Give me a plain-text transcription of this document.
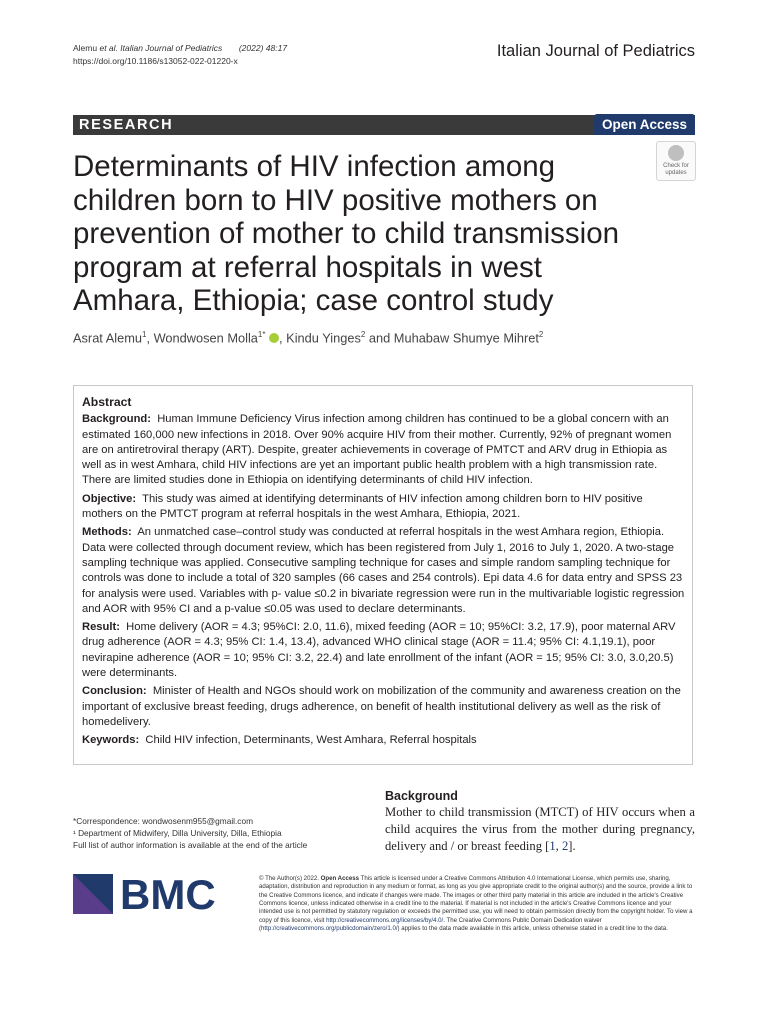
Alemu et al. Italian Journal of Pediatrics (2022) 48:17
https://doi.org/10.1186/s13052-022-01220-x
Italian Journal of Pediatrics
RESEARCH	Open Access
Check for updates
Determinants of HIV infection among children born to HIV positive mothers on prevention of mother to child transmission program at referral hospitals in west Amhara, Ethiopia; case control study
Asrat Alemu$^1$, Wondwosen Molla$^{1*}$ , Kindu Yinges$^2$ and Muhabaw Shumye Mihret$^2$
Abstract

Background: Human Immune Deficiency Virus infection among children has continued to be a global concern with an estimated 160,000 new infections in 2018. Over 90% acquire HIV from their mother. Currently, 92% of pregnant women are on antiretroviral therapy (ART). Despite, greater achievements in coverage of PMTCT and ARV drug in Ethiopia as well as in west Amhara, child HIV infections are yet an important public health problem with a high transmission rate. There are limited studies done in Ethiopia on identifying determinants of child HIV infection.

Objective: This study was aimed at identifying determinants of HIV infection among children born to HIV positive mothers on the PMTCT program at referral hospitals in the west Amhara, Ethiopia, 2021.

Methods: An unmatched case–control study was conducted at referral hospitals in the west Amhara region, Ethiopia. Data were collected through document review, which has been registered from July 1, 2016 to July 1, 2020. A two-stage sampling technique was applied. Consecutive sampling technique for cases and simple random sampling technique for controls was done to include a total of 320 samples (66 cases and 254 controls). Epi data 4.6 for data entry and SPSS 23 for analysis were used. Variables with p- value ≤0.2 in bivariate regression were run in the multivariable logistic regression and AOR with 95% CI and a p-value ≤0.05 was used to declare determinants.

Result: Home delivery (AOR = 4.3; 95%CI: 2.0, 11.6), mixed feeding (AOR = 10; 95%CI: 3.2, 17.9), poor maternal ARV drug adherence (AOR = 4.3; 95% CI: 1.4, 13.4), advanced WHO clinical stage (AOR = 11.4; 95% CI: 4.1,19.1), poor nevirapine adherence (AOR = 10; 95% CI: 3.2, 22.4) and late enrollment of the infant (AOR = 15; 95% CI: 3.0, 3.0,20.5) were determinants.

Conclusion: Minister of Health and NGOs should work on mobilization of the community and awareness creation on the important of exclusive breast feeding, drugs adherence, on benefit of health institutional delivery as well as the risk of homedelivery.

Keywords: Child HIV infection, Determinants, West Amhara, Referral hospitals

*Correspondence: wondwosenm955@gmail.com
¹ Department of Midwifery, Dilla University, Dilla, Ethiopia
Full list of author information is available at the end of the article
Background
Mother to child transmission (MTCT) of HIV occurs when a child acquires the virus from the mother during pregnancy, delivery and / or breast feeding [1, 2].
BMC	© The Author(s) 2022. Open Access This article is licensed under a Creative Commons Attribution 4.0 International License, which permits use, sharing, adaptation, distribution and reproduction in any medium or format, as long as you give appropriate credit to the original author(s) and the source, provide a link to the Creative Commons licence, and indicate if changes were made. The images or other third party material in this article are included in the article's Creative Commons licence, unless indicated otherwise in a credit line to the material. If material is not included in the article's Creative Commons licence and your intended use is not permitted by statutory regulation or exceeds the permitted use, you will need to obtain permission directly from the copyright holder. To view a copy of this licence, visit http://creativecommons.org/licenses/by/4.0/. The Creative Commons Public Domain Dedication waiver (http://creativecommons.org/publicdomain/zero/1.0/) applies to the data made available in this article, unless otherwise stated in a credit line to the data.
